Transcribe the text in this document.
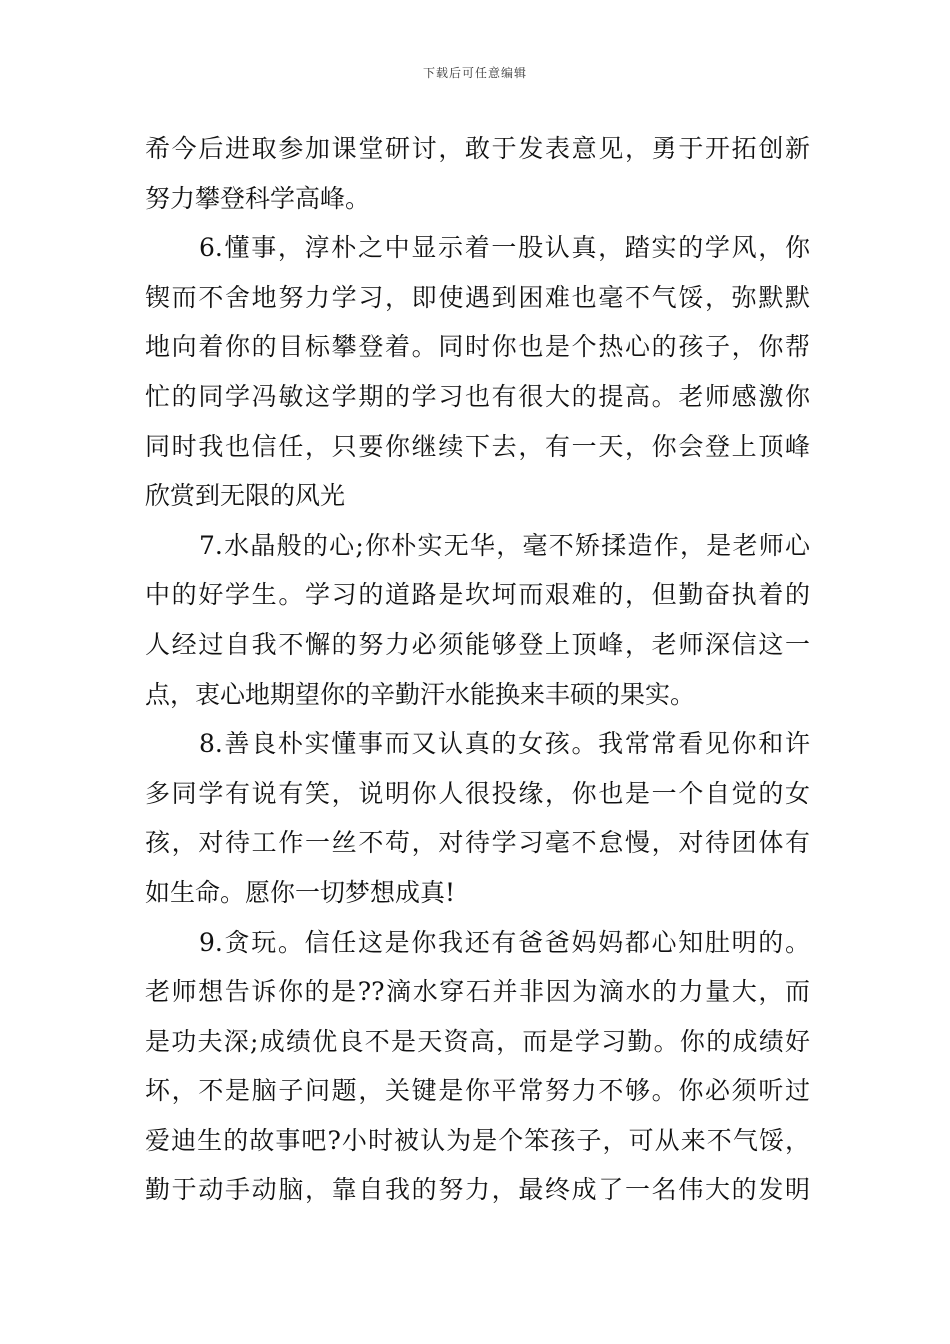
下载后可任意编辑
希今后进取参加课堂研讨，敢于发表意见，勇于开拓创新
努力攀登科学高峰。
6.懂事，淳朴之中显示着一股认真，踏实的学风，你
锲而不舍地努力学习，即使遇到困难也毫不气馁，弥默默
地向着你的目标攀登着。同时你也是个热心的孩子，你帮
忙的同学冯敏这学期的学习也有很大的提高。老师感激你
同时我也信任，只要你继续下去，有一天，你会登上顶峰
欣赏到无限的风光
7.水晶般的心;你朴实无华，毫不矫揉造作，是老师心
中的好学生。学习的道路是坎坷而艰难的，但勤奋执着的
人经过自我不懈的努力必须能够登上顶峰，老师深信这一
点，衷心地期望你的辛勤汗水能换来丰硕的果实。
8.善良朴实懂事而又认真的女孩。我常常看见你和许
多同学有说有笑，说明你人很投缘，你也是一个自觉的女
孩，对待工作一丝不苟，对待学习毫不怠慢，对待团体有
如生命。愿你一切梦想成真!
9.贪玩。信任这是你我还有爸爸妈妈都心知肚明的。
老师想告诉你的是??滴水穿石并非因为滴水的力量大，而
是功夫深;成绩优良不是天资高，而是学习勤。你的成绩好
坏，不是脑子问题，关键是你平常努力不够。你必须听过
爱迪生的故事吧?小时被认为是个笨孩子，可从来不气馁，
勤于动手动脑，靠自我的努力，最终成了一名伟大的发明
